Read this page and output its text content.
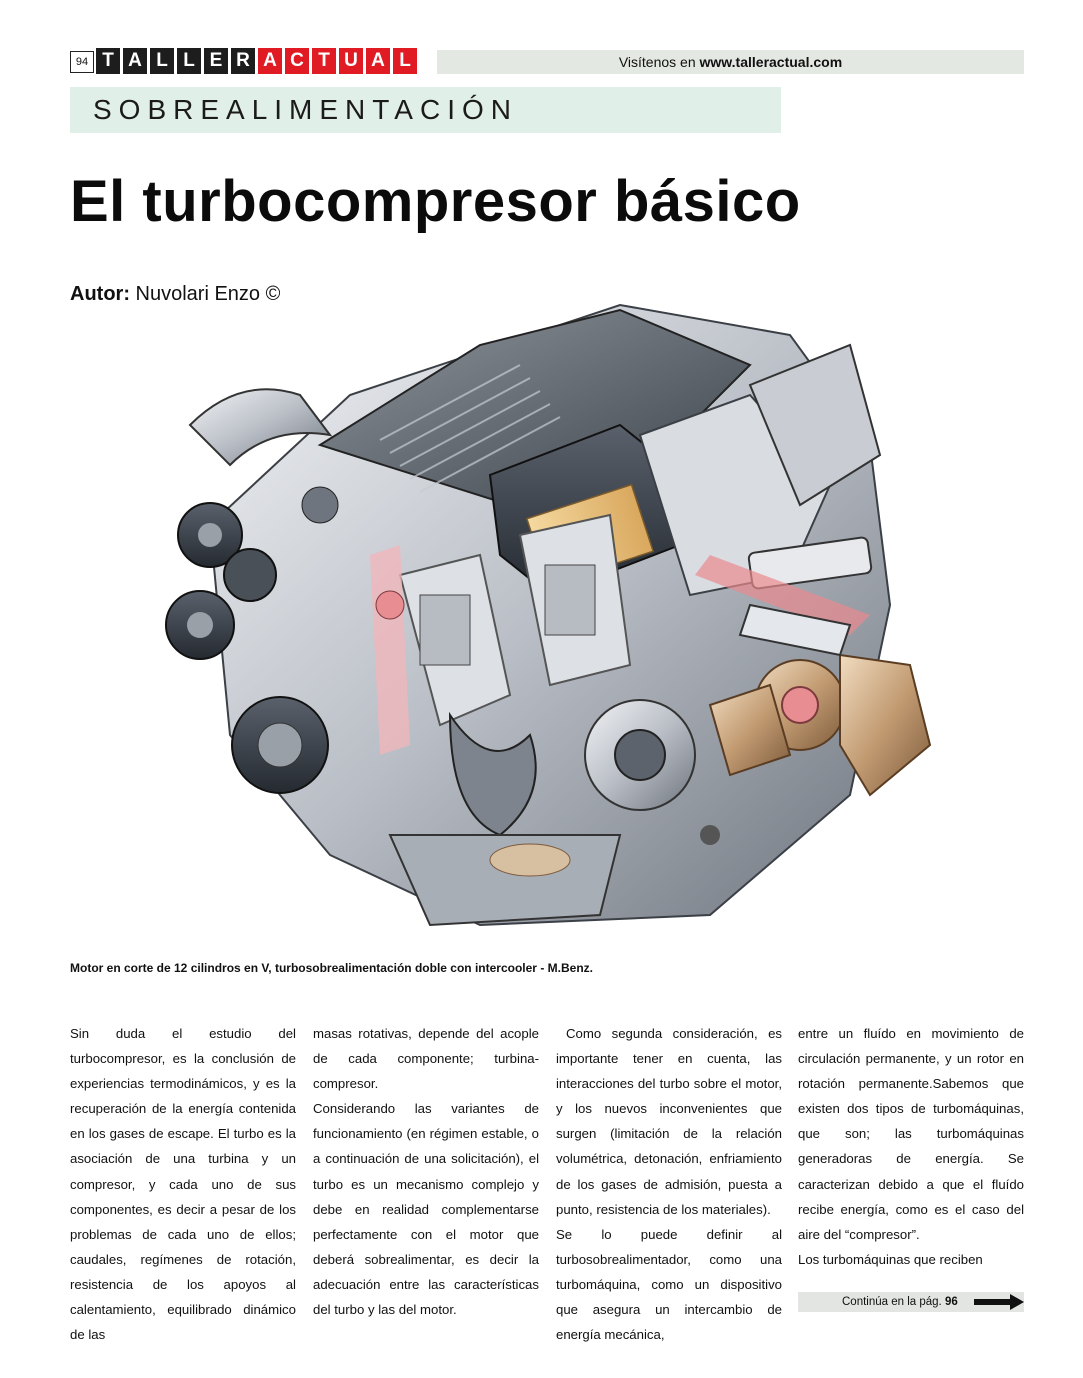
94 T A L L E R A C T U A L	Visítenos en www.talleractual.com
SOBREALIMENTACIÓN
El turbocompresor básico
Autor: Nuvolari Enzo ©
Motor en corte de 12 cilindros en V, turbosobrealimentación doble con intercooler - M.Benz.

Sin duda el estudio del turbocompresor, es la conclusión de experiencias termodinámicos, y es la recuperación de la energía contenida en los gases de escape. El turbo es la asociación de una turbina y un compresor, y cada uno de sus componentes, es decir a pesar de los problemas de cada uno de ellos; caudales, regímenes de rotación, resistencia de los apoyos al calentamiento, equilibrado dinámico de las

masas rotativas, depende del acople de cada componente; turbina-compresor.

Considerando las variantes de funcionamiento (en régimen estable, o a continuación de una solicitación), el turbo es un mecanismo complejo y debe en realidad complementarse perfectamente con el motor que deberá sobrealimentar, es decir la adecuación entre las características del turbo y las del motor.

Como segunda consideración, es importante tener en cuenta, las interacciones del turbo sobre el motor, y los nuevos inconvenientes que surgen (limitación de la relación volumétrica, detonación, enfriamiento de los gases de admisión, puesta a punto, resistencia de los materiales).

Se lo puede definir al turbosobrealimentador, como una turbomáquina, como un dispositivo que asegura un intercambio de energía mecánica,

entre un fluído en movimiento de circulación permanente, y un rotor en rotación permanente.Sabemos que existen dos tipos de turbomáquinas, que son; las turbomáquinas generadoras de energía. Se caracterizan debido a que el fluído recibe energía, como es el caso del aire del “compresor”.

Los turbomáquinas que reciben

Continúa en la pág. 96
